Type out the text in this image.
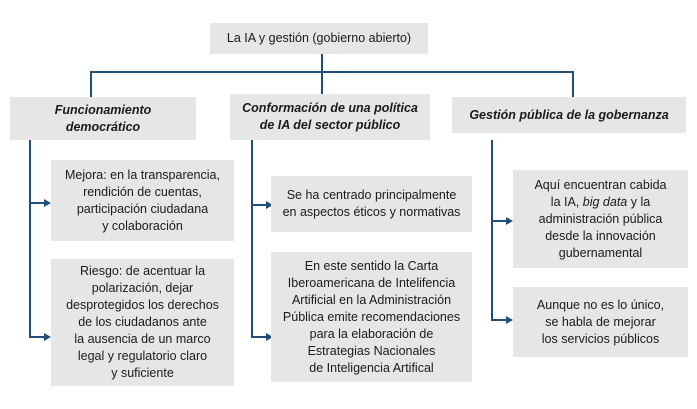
La IA y gestión (gobierno abierto)
Funcionamiento
democrático
Conformación de una política
de IA del sector público
Gestión pública de la gobernanza
Mejora: en la transparencia,
rendición de cuentas,
participación ciudadana
y colaboración
Riesgo: de acentuar la
polarización, dejar
desprotegidos los derechos
de los ciudadanos ante
la ausencia de un marco
legal y regulatorio claro
y suficiente
Se ha centrado principalmente
en aspectos éticos y normativas
En este sentido la Carta
Iberoamericana de Intelifencia
Artificial en la Administración
Pública emite recomendaciones
para la elaboración de
Estrategias Nacionales
de Inteligencia Artifical
Aquí encuentran cabida
la IA, big data y la
administración pública
desde la innovación
gubernamental
Aunque no es lo único,
se habla de mejorar
los servicios públicos
